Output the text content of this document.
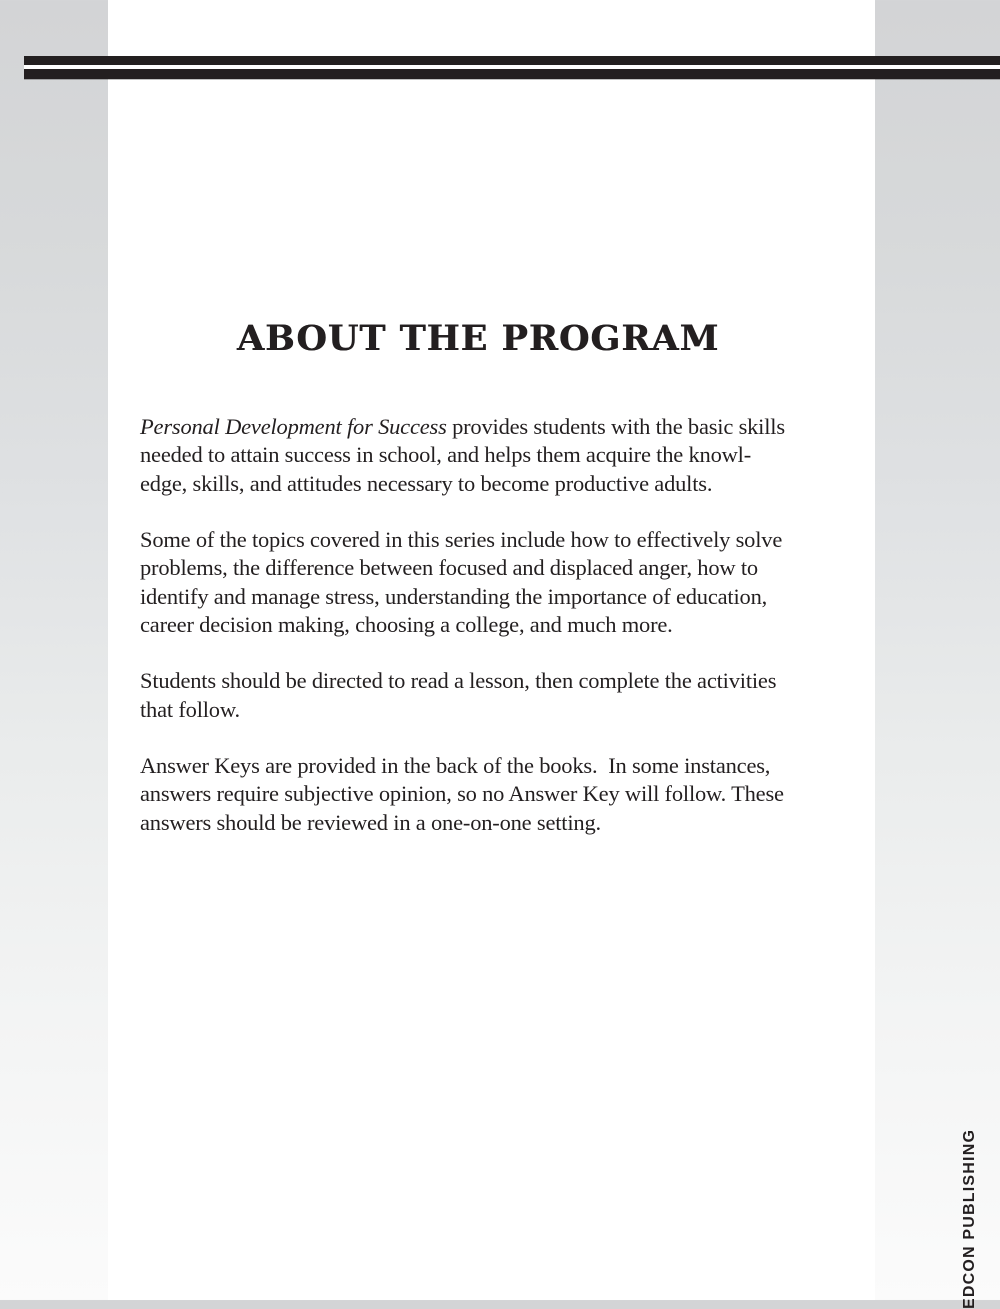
ABOUT THE PROGRAM
Personal Development for Success provides students with the basic skills
needed to attain success in school, and helps them acquire the knowl-
edge, skills, and attitudes necessary to become productive adults.
Some of the topics covered in this series include how to effectively solve
problems, the difference between focused and displaced anger, how to
identify and manage stress, understanding the importance of education,
career decision making, choosing a college, and much more.
Students should be directed to read a lesson, then complete the activities
that follow.
Answer Keys are provided in the back of the books.  In some instances,
answers require subjective opinion, so no Answer Key will follow. These
answers should be reviewed in a one-on-one setting.
EDCON PUBLISHING
